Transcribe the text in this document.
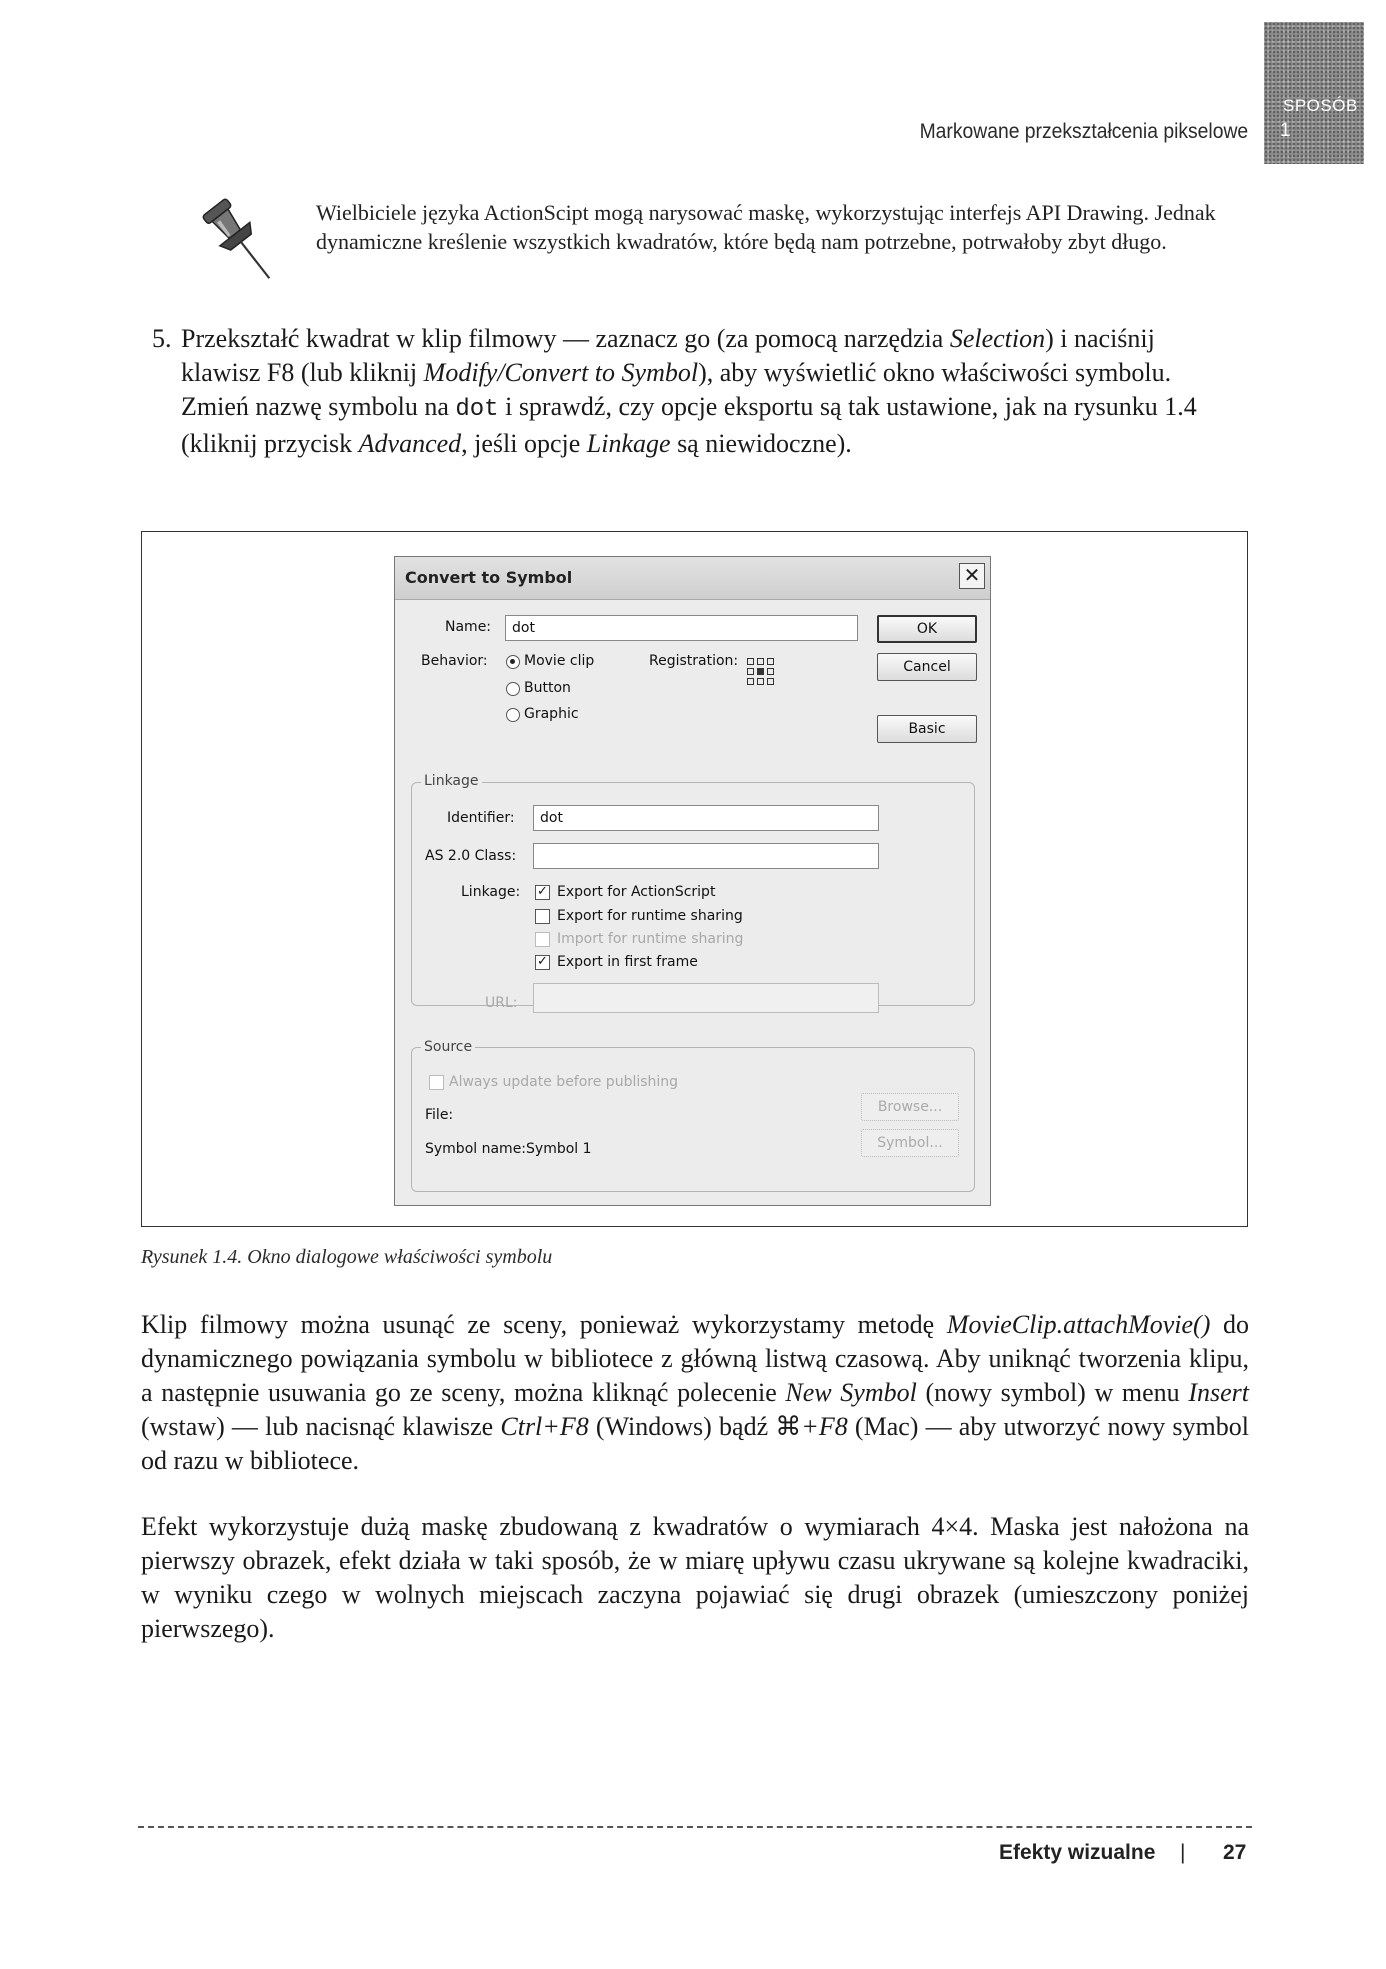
SPOSÓB
1
Markowane przekształcenia pikselowe
Wielbiciele języka ActionScipt mogą narysować maskę, wykorzystując interfejs API Drawing. Jednak dynamiczne kreślenie wszystkich kwadratów, które będą nam potrzebne, potrwałoby zbyt długo.
5. Przekształć kwadrat w klip filmowy — zaznacz go (za pomocą narzędzia Selection) i naciśnij klawisz F8 (lub kliknij Modify/Convert to Symbol), aby wyświetlić okno właściwości symbolu. Zmień nazwę symbolu na dot i sprawdź, czy opcje eksportu są tak ustawione, jak na rysunku 1.4 (kliknij przycisk Advanced, jeśli opcje Linkage są niewidoczne).
Convert to Symbol	✕
Name:	dot	OK
Cancel
Basic
Behavior:	Movie clip
Button
Graphic
Registration:
Linkage
Identifier:	dot
AS 2.0 Class:
Linkage: ✓ Export for ActionScript
Export for runtime sharing
Import for runtime sharing
✓ Export in first frame
URL:
Source
Always update before publishing
File:
Symbol name:Symbol 1
Browse...
Symbol...
Rysunek 1.4. Okno dialogowe właściwości symbolu
Klip filmowy można usunąć ze sceny, ponieważ wykorzystamy metodę MovieClip.attachMovie() do dynamicznego powiązania symbolu w bibliotece z główną listwą czasową. Aby uniknąć tworzenia klipu, a następnie usuwania go ze sceny, można kliknąć polecenie New Symbol (nowy symbol) w menu Insert (wstaw) — lub nacisnąć klawisze Ctrl+F8 (Windows) bądź ⌘+F8 (Mac) — aby utworzyć nowy symbol od razu w bibliotece.
Efekt wykorzystuje dużą maskę zbudowaną z kwadratów o wymiarach 4×4. Maska jest nałożona na pierwszy obrazek, efekt działa w taki sposób, że w miarę upływu czasu ukrywane są kolejne kwadraciki, w wyniku czego w wolnych miejscach zaczyna pojawiać się drugi obrazek (umieszczony poniżej pierwszego).
Efekty wizualne | 27
